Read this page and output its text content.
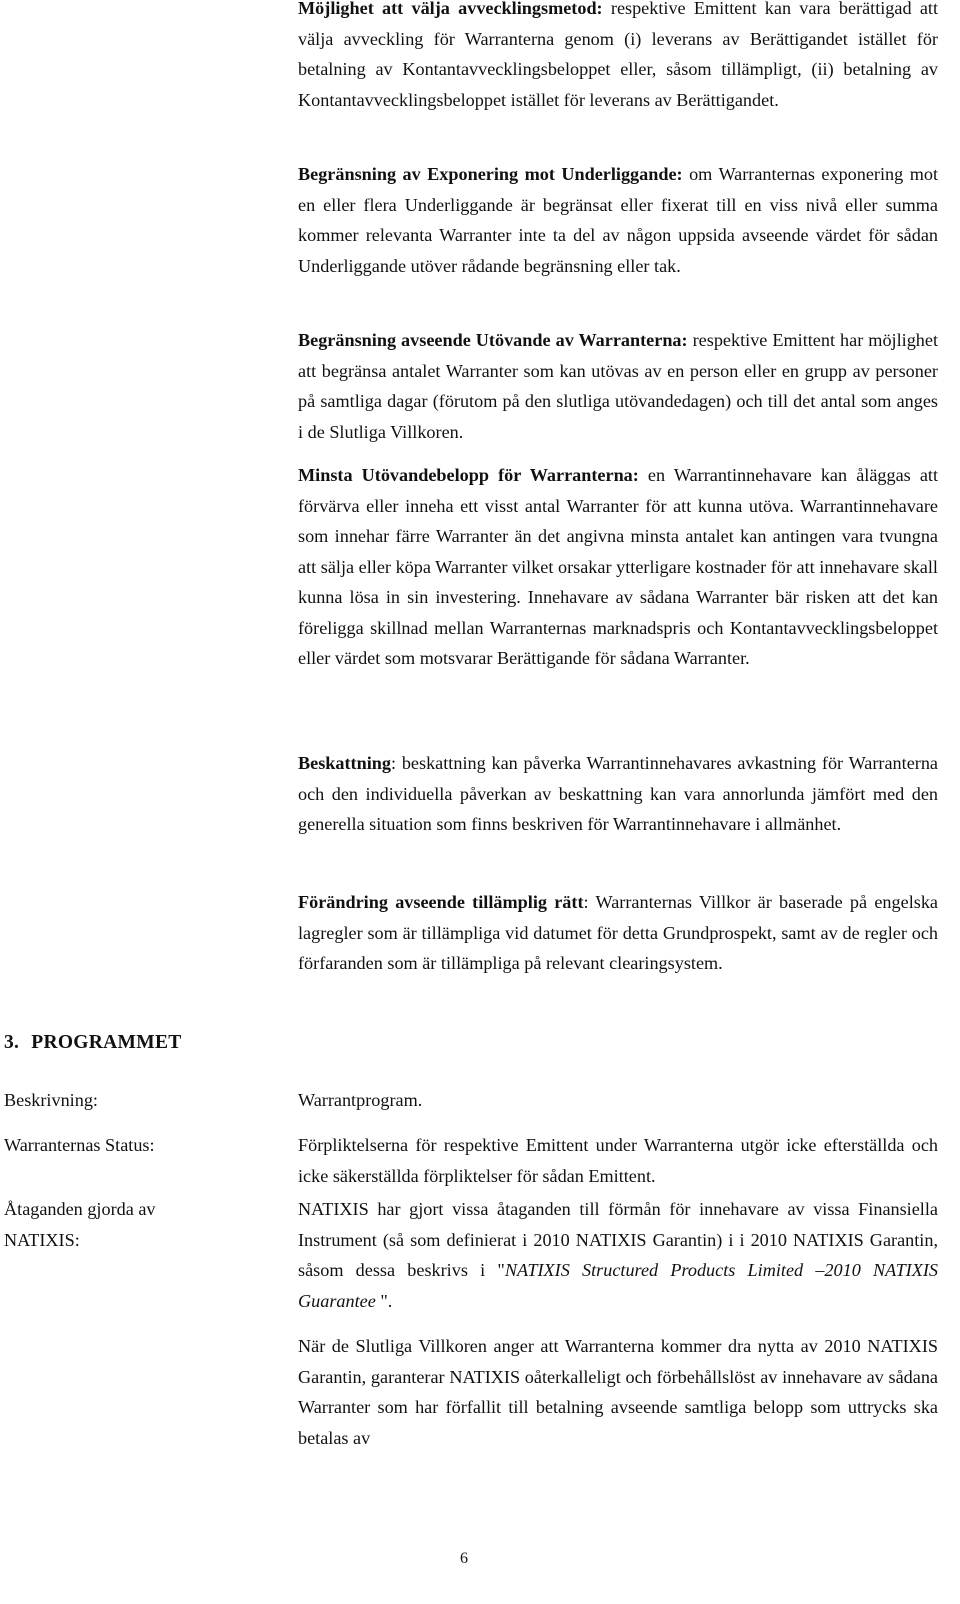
Möjlighet att välja avvecklingsmetod: respektive Emittent kan vara berättigad att välja avveckling för Warranterna genom (i) leverans av Berättigandet istället för betalning av Kontantavvecklingsbeloppet eller, såsom tillämpligt, (ii) betalning av Kontantavvecklingsbeloppet istället för leverans av Berättigandet.

Begränsning av Exponering mot Underliggande: om Warranternas exponering mot en eller flera Underliggande är begränsat eller fixerat till en viss nivå eller summa kommer relevanta Warranter inte ta del av någon uppsida avseende värdet för sådan Underliggande utöver rådande begränsning eller tak.

Begränsning avseende Utövande av Warranterna: respektive Emittent har möjlighet att begränsa antalet Warranter som kan utövas av en person eller en grupp av personer på samtliga dagar (förutom på den slutliga utövandedagen) och till det antal som anges i de Slutliga Villkoren.

Minsta Utövandebelopp för Warranterna: en Warrantinnehavare kan åläggas att förvärva eller inneha ett visst antal Warranter för att kunna utöva. Warrantinnehavare som innehar färre Warranter än det angivna minsta antalet kan antingen vara tvungna att sälja eller köpa Warranter vilket orsakar ytterligare kostnader för att innehavare skall kunna lösa in sin investering. Innehavare av sådana Warranter bär risken att det kan föreligga skillnad mellan Warranternas marknadspris och Kontantavvecklingsbeloppet eller värdet som motsvarar Berättigande för sådana Warranter.

Beskattning: beskattning kan påverka Warrantinnehavares avkastning för Warranterna och den individuella påverkan av beskattning kan vara annorlunda jämfört med den generella situation som finns beskriven för Warrantinnehavare i allmänhet.

Förändring avseende tillämplig rätt: Warranternas Villkor är baserade på engelska lagregler som är tillämpliga vid datumet för detta Grundprospekt, samt av de regler och förfaranden som är tillämpliga på relevant clearingsystem.

3. PROGRAMMET
Beskrivning:	Warrantprogram.

Warranternas Status:	Förpliktelserna för respektive Emittent under Warranterna utgör icke efterställda och icke säkerställda förpliktelser för sådan Emittent.

Åtaganden gjorda av NATIXIS:

NATIXIS har gjort vissa åtaganden till förmån för innehavare av vissa Finansiella Instrument (så som definierat i 2010 NATIXIS Garantin) i i 2010 NATIXIS Garantin, såsom dessa beskrivs i "NATIXIS Structured Products Limited –2010 NATIXIS Guarantee ".

När de Slutliga Villkoren anger att Warranterna kommer dra nytta av 2010 NATIXIS Garantin, garanterar NATIXIS oåterkalleligt och förbehållslöst av innehavare av sådana Warranter som har förfallit till betalning avseende samtliga belopp som uttrycks ska betalas av

6
